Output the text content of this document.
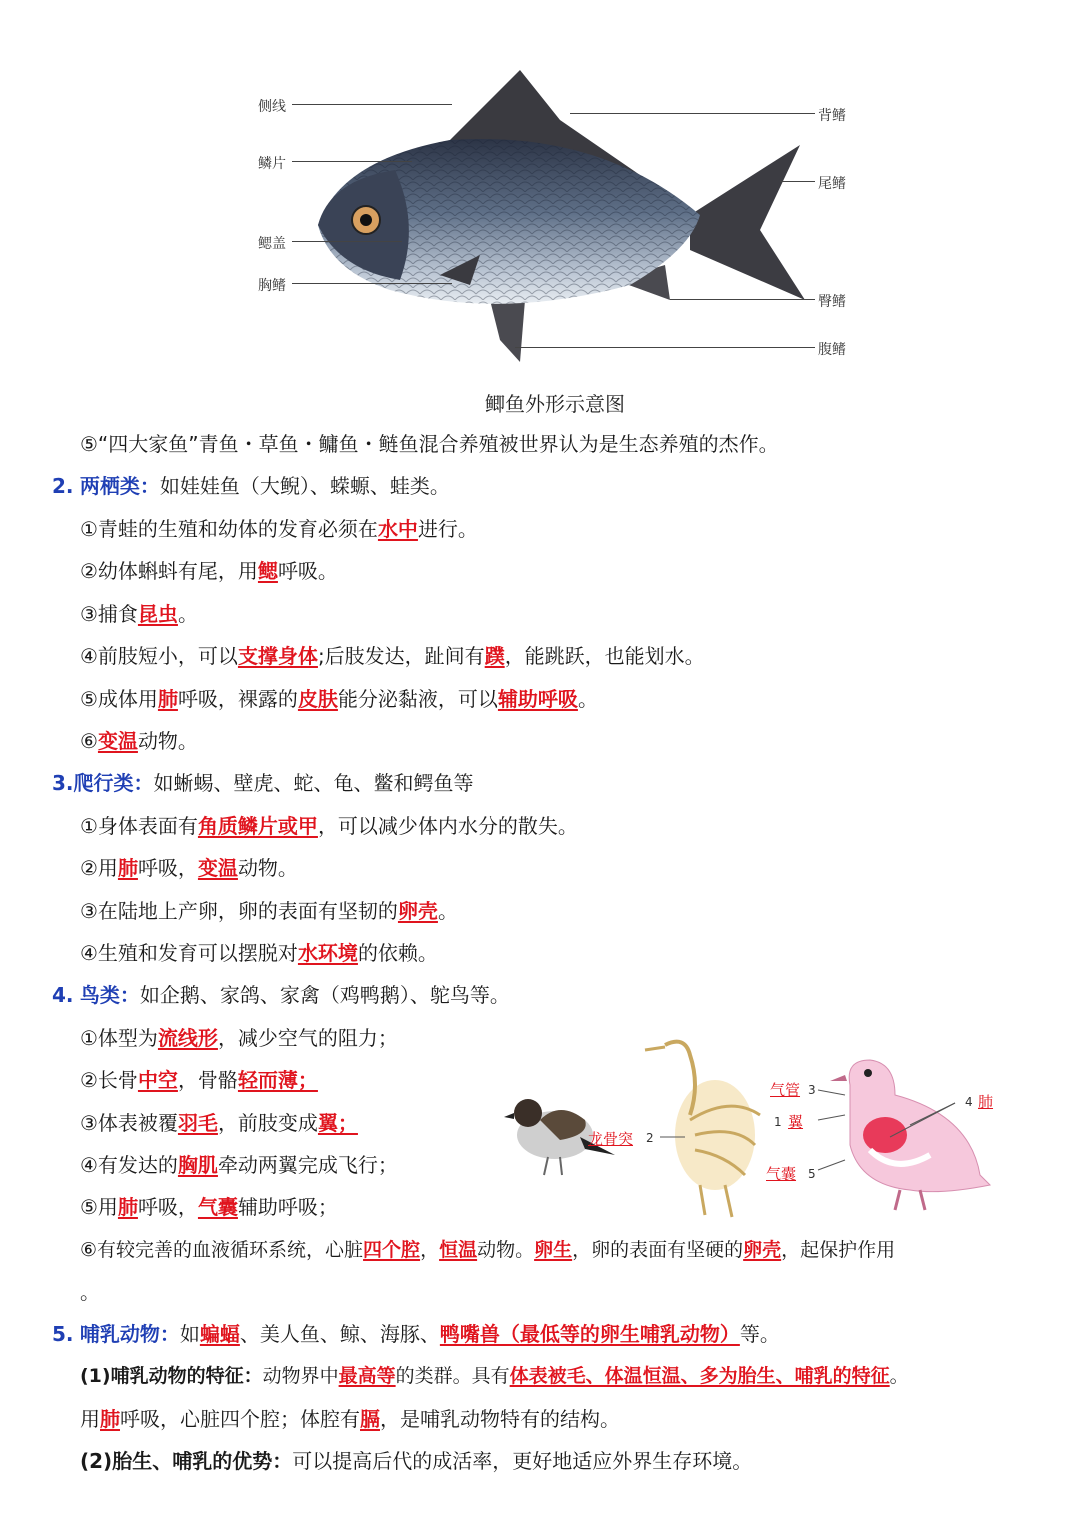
侧线
鳞片
鳃盖
胸鳍
背鳍
尾鳍
臀鳍
腹鳍
鲫鱼外形示意图
⑤“四大家鱼”青鱼・草鱼・鳙鱼・鲢鱼混合养殖被世界认为是生态养殖的杰作。
2. 两栖类：如娃娃鱼（大鲵）、蝾螈、蛙类。
①青蛙的生殖和幼体的发育必须在水中进行。
②幼体蝌蚪有尾，用鳃呼吸。
③捕食昆虫。
④前肢短小，可以支撑身体;后肢发达，趾间有蹼，能跳跃，也能划水。
⑤成体用肺呼吸，裸露的皮肤能分泌黏液，可以辅助呼吸。
⑥变温动物。
3.爬行类：如蜥蜴、壁虎、蛇、龟、鳖和鳄鱼等
①身体表面有角质鳞片或甲，可以减少体内水分的散失。
②用肺呼吸，变温动物。
③在陆地上产卵，卵的表面有坚韧的卵壳。
④生殖和发育可以摆脱对水环境的依赖。
4. 鸟类：如企鹅、家鸽、家禽（鸡鸭鹅）、鸵鸟等。
①体型为流线形，减少空气的阻力；
②长骨中空，骨骼轻而薄；
③体表被覆羽毛，前肢变成翼；
④有发达的胸肌牵动两翼完成飞行；
⑤用肺呼吸，气囊辅助呼吸；
⑥有较完善的血液循环系统，心脏四个腔，恒温动物。卵生，卵的表面有坚硬的卵壳，起保护作用
。
龙骨突 2
气管 3
1 翼
气囊 5
4 肺
5. 哺乳动物：如蝙蝠、美人鱼、鲸、海豚、鸭嘴兽（最低等的卵生哺乳动物）等。
(1)哺乳动物的特征：动物界中最高等的类群。具有体表被毛、体温恒温、多为胎生、哺乳的特征。
用肺呼吸，心脏四个腔；体腔有膈，是哺乳动物特有的结构。
(2)胎生、哺乳的优势：可以提高后代的成活率，更好地适应外界生存环境。
